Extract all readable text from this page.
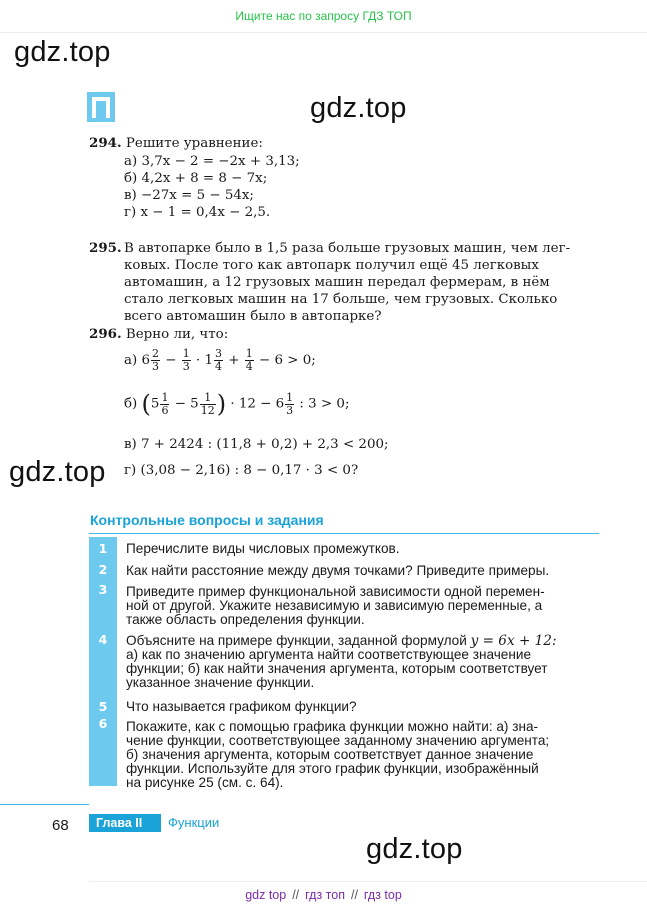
Ищите нас по запросу ГДЗ ТОП
gdz.top
gdz.top
gdz.top
gdz.top
294. Решите уравнение:
а) 3,7x − 2 = −2x + 3,13;
б) 4,2x + 8 = 8 − 7x;
в) −27x = 5 − 54x;
г) x − 1 = 0,4x − 2,5.
295. В автопарке было в 1,5 раза больше грузовых машин, чем лег-
ковых. После того как автопарк получил ещё 45 легковых
автомашин, а 12 грузовых машин передал фермерам, в нём
стало легковых машин на 17 больше, чем грузовых. Сколько
всего автомашин было в автопарке?
296. Верно ли, что:
а) $6 \frac{2}{3} - \frac{1}{3} \cdot 1 \frac{3}{4} + \frac{1}{4} - 6 > 0$;
б) ($5 \frac{1}{6} - 5 \frac{1}{12}$ ) · $12 - 6 \frac{1}{3}$ : 3 > 0;
в) 7 + 2424 : (11,8 + 0,2) + 2,3 < 200;
г) (3,08 − 2,16) : 8 − 0,17 · 3 < 0?
Контрольные вопросы и задания
1 Перечислите виды числовых промежутков.
2 Как найти расстояние между двумя точками? Приведите примеры.
3 Приведите пример функциональной зависимости одной перемен-
ной от другой. Укажите независимую и зависимую переменные, а
также область определения функции.
4 Объясните на примере функции, заданной формулой y = 6x + 12:
а) как по значению аргумента найти соответствующее значение
функции; б) как найти значения аргумента, которым соответствует
указанное значение функции.
5 Что называется графиком функции?
6 Покажите, как с помощью графика функции можно найти: а) зна-
чение функции, соответствующее заданному значению аргумента;
б) значения аргумента, которым соответствует данное значение
функции. Используйте для этого график функции, изображённый
на рисунке 25 (см. с. 64).
68	Глава II	Функции
gdz top // гдз топ // гдз top
